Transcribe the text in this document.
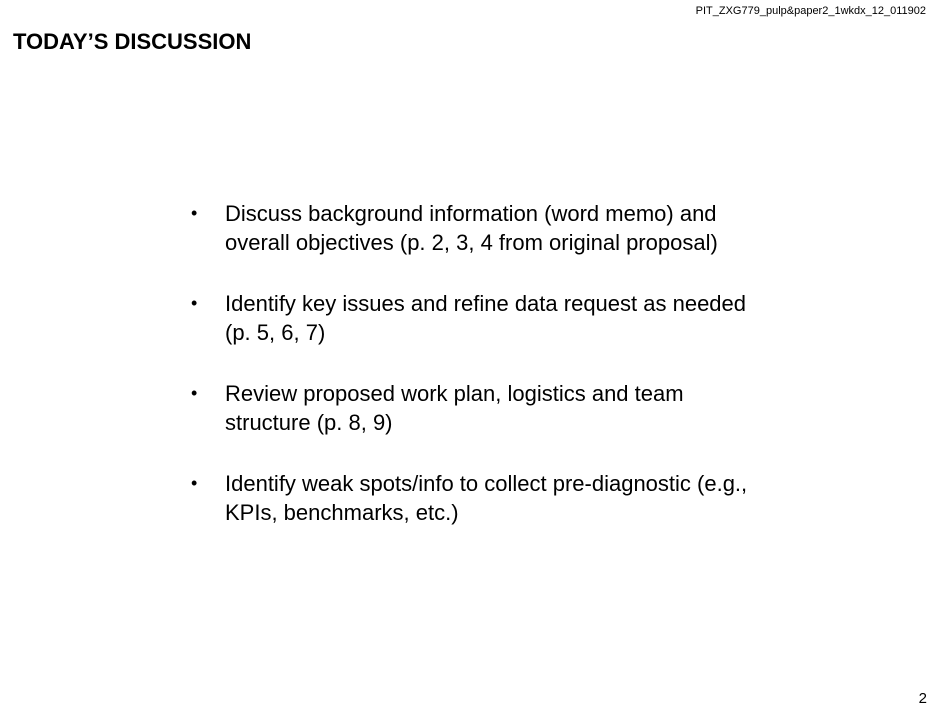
PIT_ZXG779_pulp&paper2_1wkdx_12_011902
TODAY’S DISCUSSION
• Discuss background information (word memo) and overall objectives (p. 2, 3, 4 from original proposal)
• Identify key issues and refine data request as needed (p. 5, 6, 7)
• Review proposed work plan, logistics and team structure (p. 8, 9)
• Identify weak spots/info to collect pre-diagnostic (e.g., KPIs, benchmarks, etc.)
2
